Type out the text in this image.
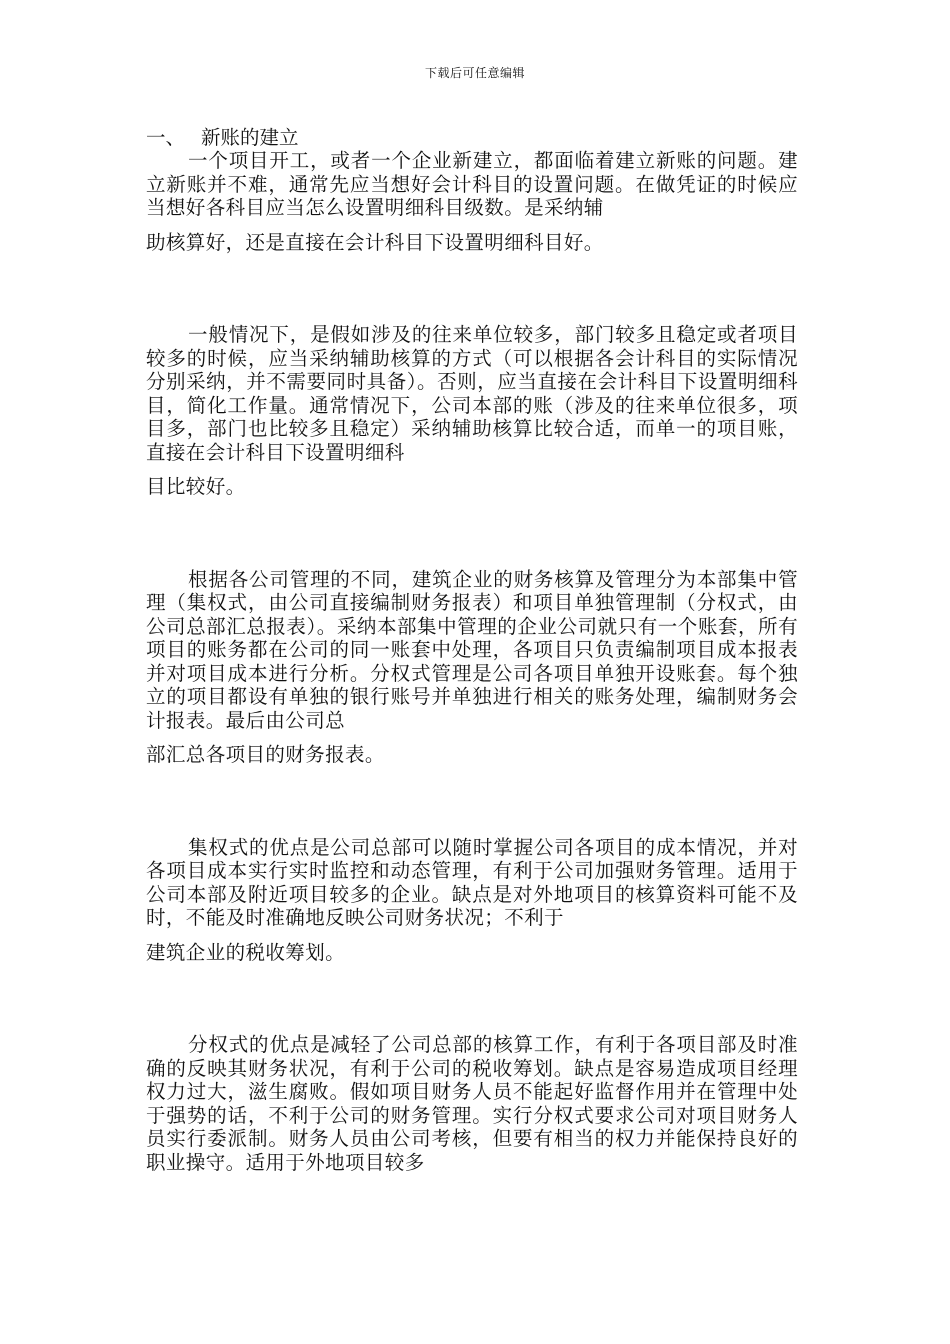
下载后可任意编辑
一、 新账的建立

一个项目开工，或者一个企业新建立，都面临着建立新账的问题。建立新账并不难，通常先应当想好会计科目的设置问题。在做凭证的时候应当想好各科目应当怎么设置明细科目级数。是采纳辅
助核算好，还是直接在会计科目下设置明细科目好。

一般情况下，是假如涉及的往来单位较多，部门较多且稳定或者项目较多的时候，应当采纳辅助核算的方式（可以根据各会计科目的实际情况分别采纳，并不需要同时具备）。否则，应当直接在会计科目下设置明细科目，简化工作量。通常情况下，公司本部的账（涉及的往来单位很多，项目多，部门也比较多且稳定）采纳辅助核算比较合适，而单一的项目账，直接在会计科目下设置明细科
目比较好。

根据各公司管理的不同，建筑企业的财务核算及管理分为本部集中管理（集权式，由公司直接编制财务报表）和项目单独管理制（分权式，由公司总部汇总报表）。采纳本部集中管理的企业公司就只有一个账套，所有项目的账务都在公司的同一账套中处理，各项目只负责编制项目成本报表并对项目成本进行分析。分权式管理是公司各项目单独开设账套。每个独立的项目都设有单独的银行账号并单独进行相关的账务处理，编制财务会计报表。最后由公司总
部汇总各项目的财务报表。

集权式的优点是公司总部可以随时掌握公司各项目的成本情况，并对各项目成本实行实时监控和动态管理，有利于公司加强财务管理。适用于公司本部及附近项目较多的企业。缺点是对外地项目的核算资料可能不及时，不能及时准确地反映公司财务状况；不利于
建筑企业的税收筹划。

分权式的优点是减轻了公司总部的核算工作，有利于各项目部及时准确的反映其财务状况，有利于公司的税收筹划。缺点是容易造成项目经理权力过大，滋生腐败。假如项目财务人员不能起好监督作用并在管理中处于强势的话，不利于公司的财务管理。实行分权式要求公司对项目财务人员实行委派制。财务人员由公司考核，但要有相当的权力并能保持良好的职业操守。适用于外地项目较多
